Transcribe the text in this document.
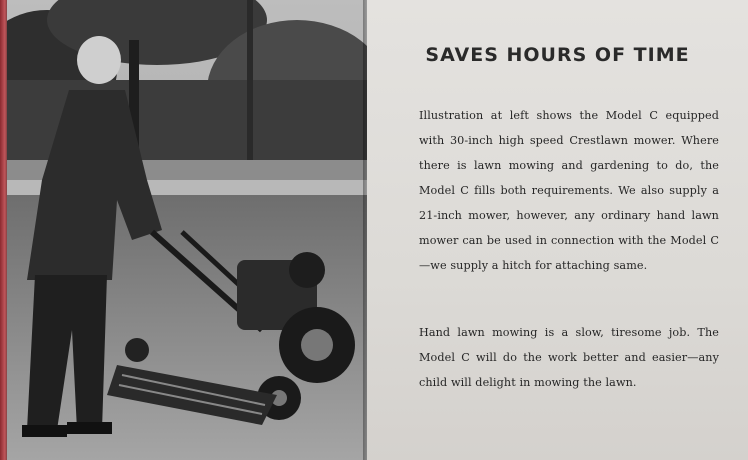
SAVES HOURS OF TIME
Illustration at left shows the Model C equipped with 30-inch high speed Crestlawn mower. Where there is lawn mowing and gardening to do, the Model C fills both requirements. We also supply a 21-inch mower, however, any ordinary hand lawn mower can be used in connection with the Model C—we supply a hitch for attaching same.
Hand lawn mowing is a slow, tiresome job. The Model C will do the work better and easier—any child will delight in mowing the lawn.
